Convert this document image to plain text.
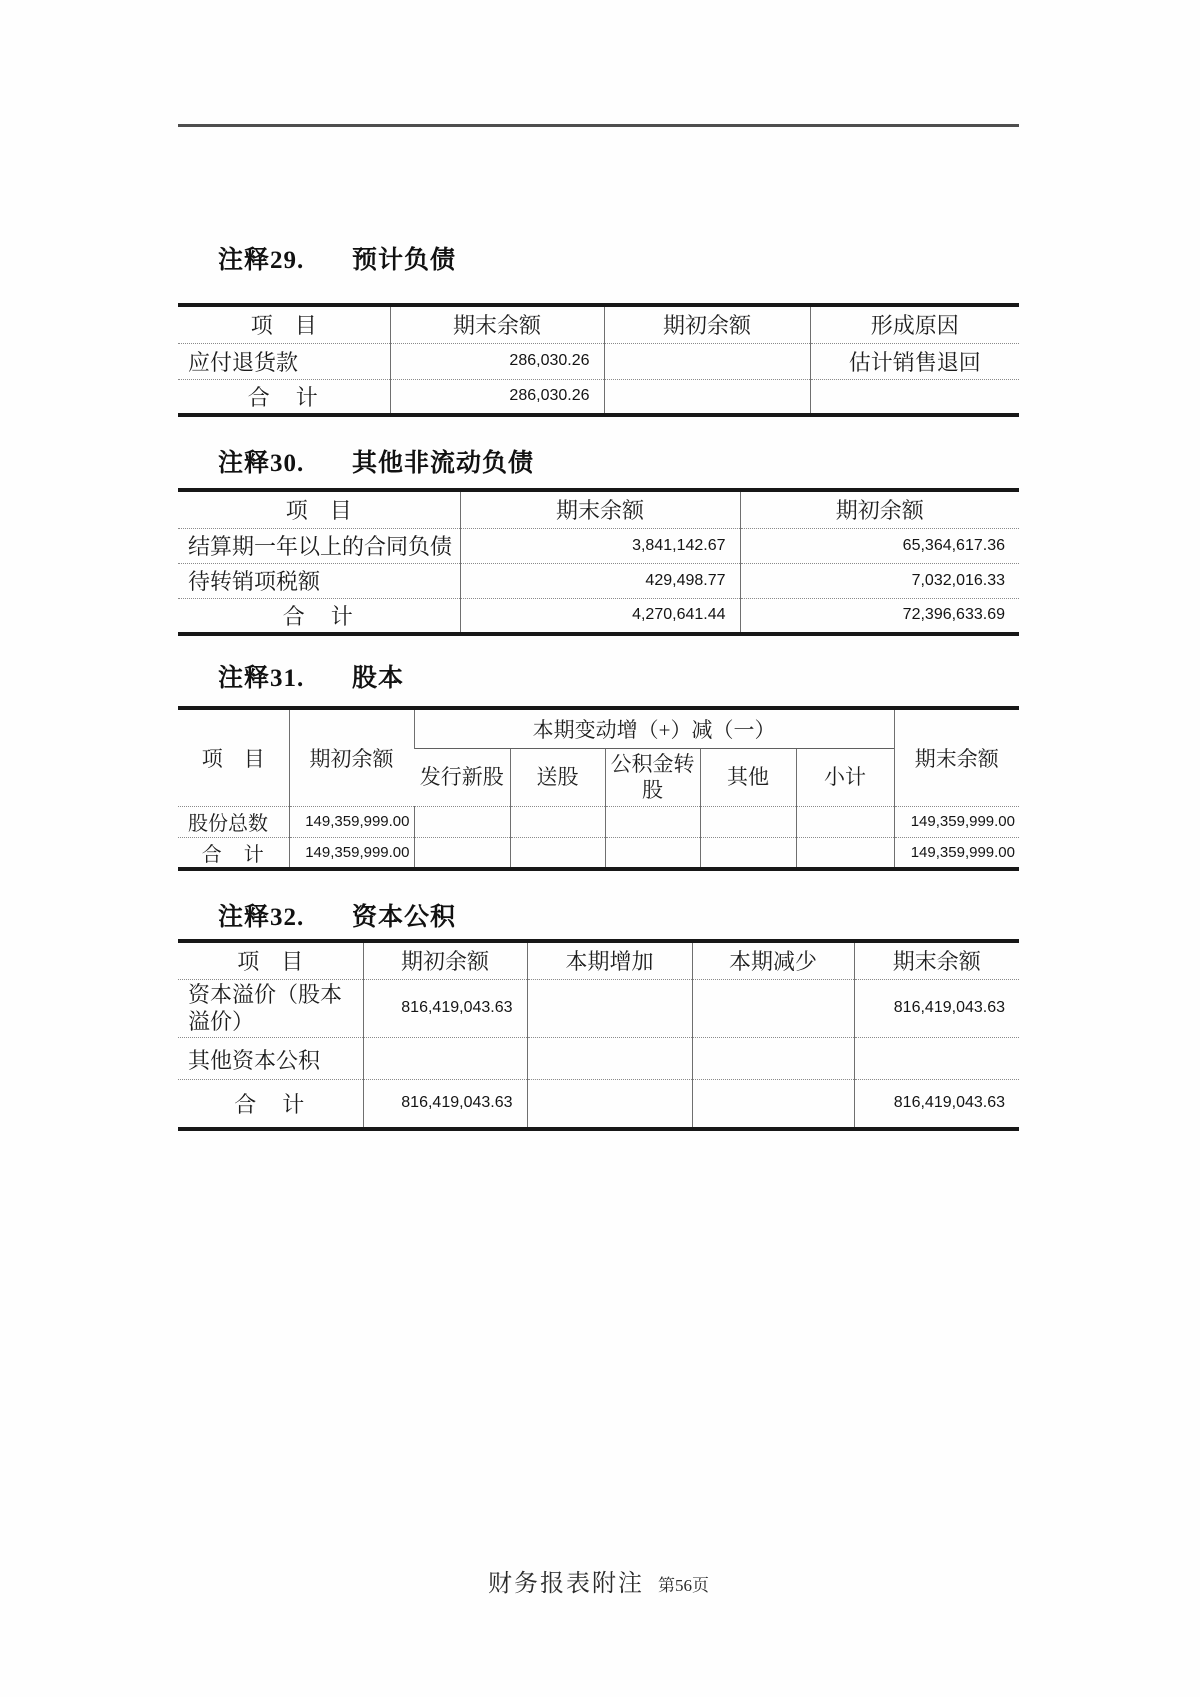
注释29. 预计负债
项　目	期末余额	期初余额	形成原因
应付退货款	286,030.26		估计销售退回
合　计	286,030.26		
注释30. 其他非流动负债
项　目	期末余额	期初余额
结算期一年以上的合同负债	3,841,142.67	65,364,617.36
待转销项税额	429,498.77	7,032,016.33
合　计	4,270,641.44	72,396,633.69
注释31. 股本
项　目	期初余额	本期变动增（+）减（一）					期末余额
		发行新股	送股	公积金转股	其他	小计	
股份总数	149,359,999.00						149,359,999.00
合　计	149,359,999.00						149,359,999.00
注释32. 资本公积
项　目	期初余额	本期增加	本期减少	期末余额
资本溢价（股本溢价）	816,419,043.63			816,419,043.63
其他资本公积				
合　计	816,419,043.63			816,419,043.63
财务报表附注 第56页
